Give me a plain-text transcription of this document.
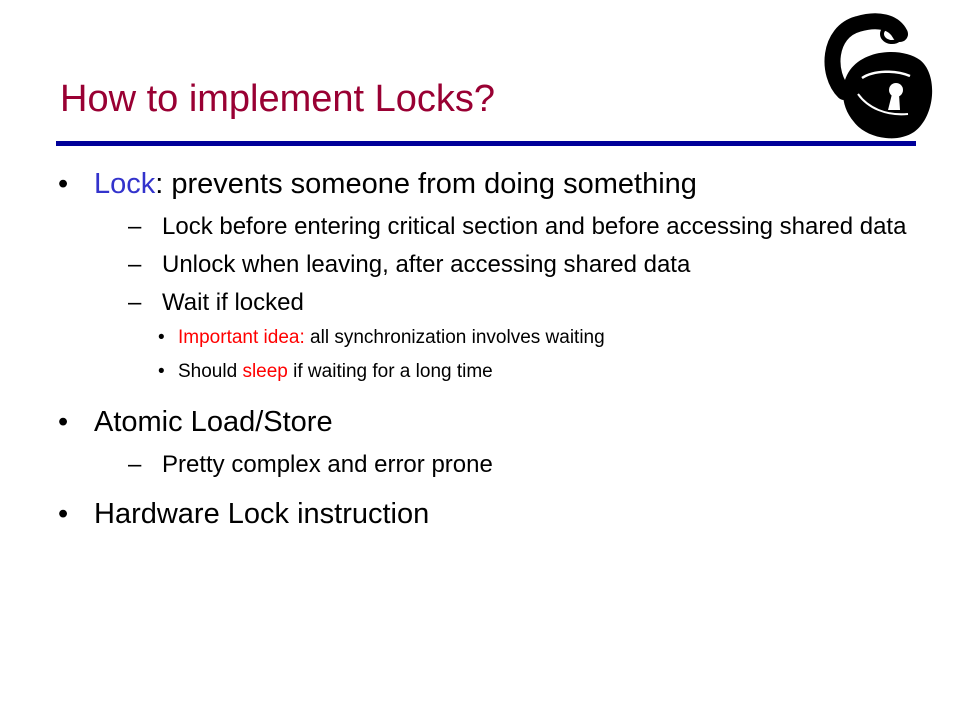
How to implement Locks?
• Lock: prevents someone from doing something
– Lock before entering critical section and before accessing shared data
– Unlock when leaving, after accessing shared data
– Wait if locked
• Important idea: all synchronization involves waiting
• Should sleep if waiting for a long time
• Atomic Load/Store
– Pretty complex and error prone
• Hardware Lock instruction
